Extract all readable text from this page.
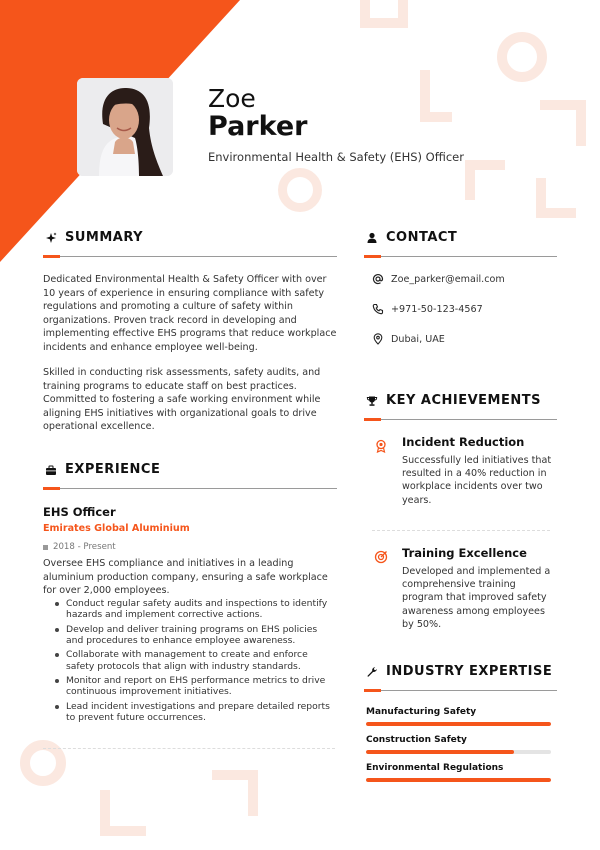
Zoe
Parker
Environmental Health & Safety (EHS) Officer
SUMMARY

Dedicated Environmental Health & Safety Officer with over 10 years of experience in ensuring compliance with safety regulations and promoting a culture of safety within organizations. Proven track record in developing and implementing effective EHS programs that reduce workplace incidents and enhance employee well-being.

Skilled in conducting risk assessments, safety audits, and training programs to educate staff on best practices. Committed to fostering a safe working environment while aligning EHS initiatives with organizational goals to drive operational excellence.

EXPERIENCE
EHS Officer
Emirates Global Aluminium
2018 - Present

Oversee EHS compliance and initiatives in a leading aluminium production company, ensuring a safe workplace for over 2,000 employees.

Conduct regular safety audits and inspections to identify hazards and implement corrective actions.
Develop and deliver training programs on EHS policies and procedures to enhance employee awareness.
Collaborate with management to create and enforce safety protocols that align with industry standards.
Monitor and report on EHS performance metrics to drive continuous improvement initiatives.
Lead incident investigations and prepare detailed reports to prevent future occurrences.
CONTACT
Zoe_parker@email.com
+971-50-123-4567
Dubai, UAE
KEY ACHIEVEMENTS
Incident Reduction
Successfully led initiatives that resulted in a 40% reduction in workplace incidents over two years.
Training Excellence
Developed and implemented a comprehensive training program that improved safety awareness among employees by 50%.
INDUSTRY EXPERTISE
Manufacturing Safety
Construction Safety
Environmental Regulations
